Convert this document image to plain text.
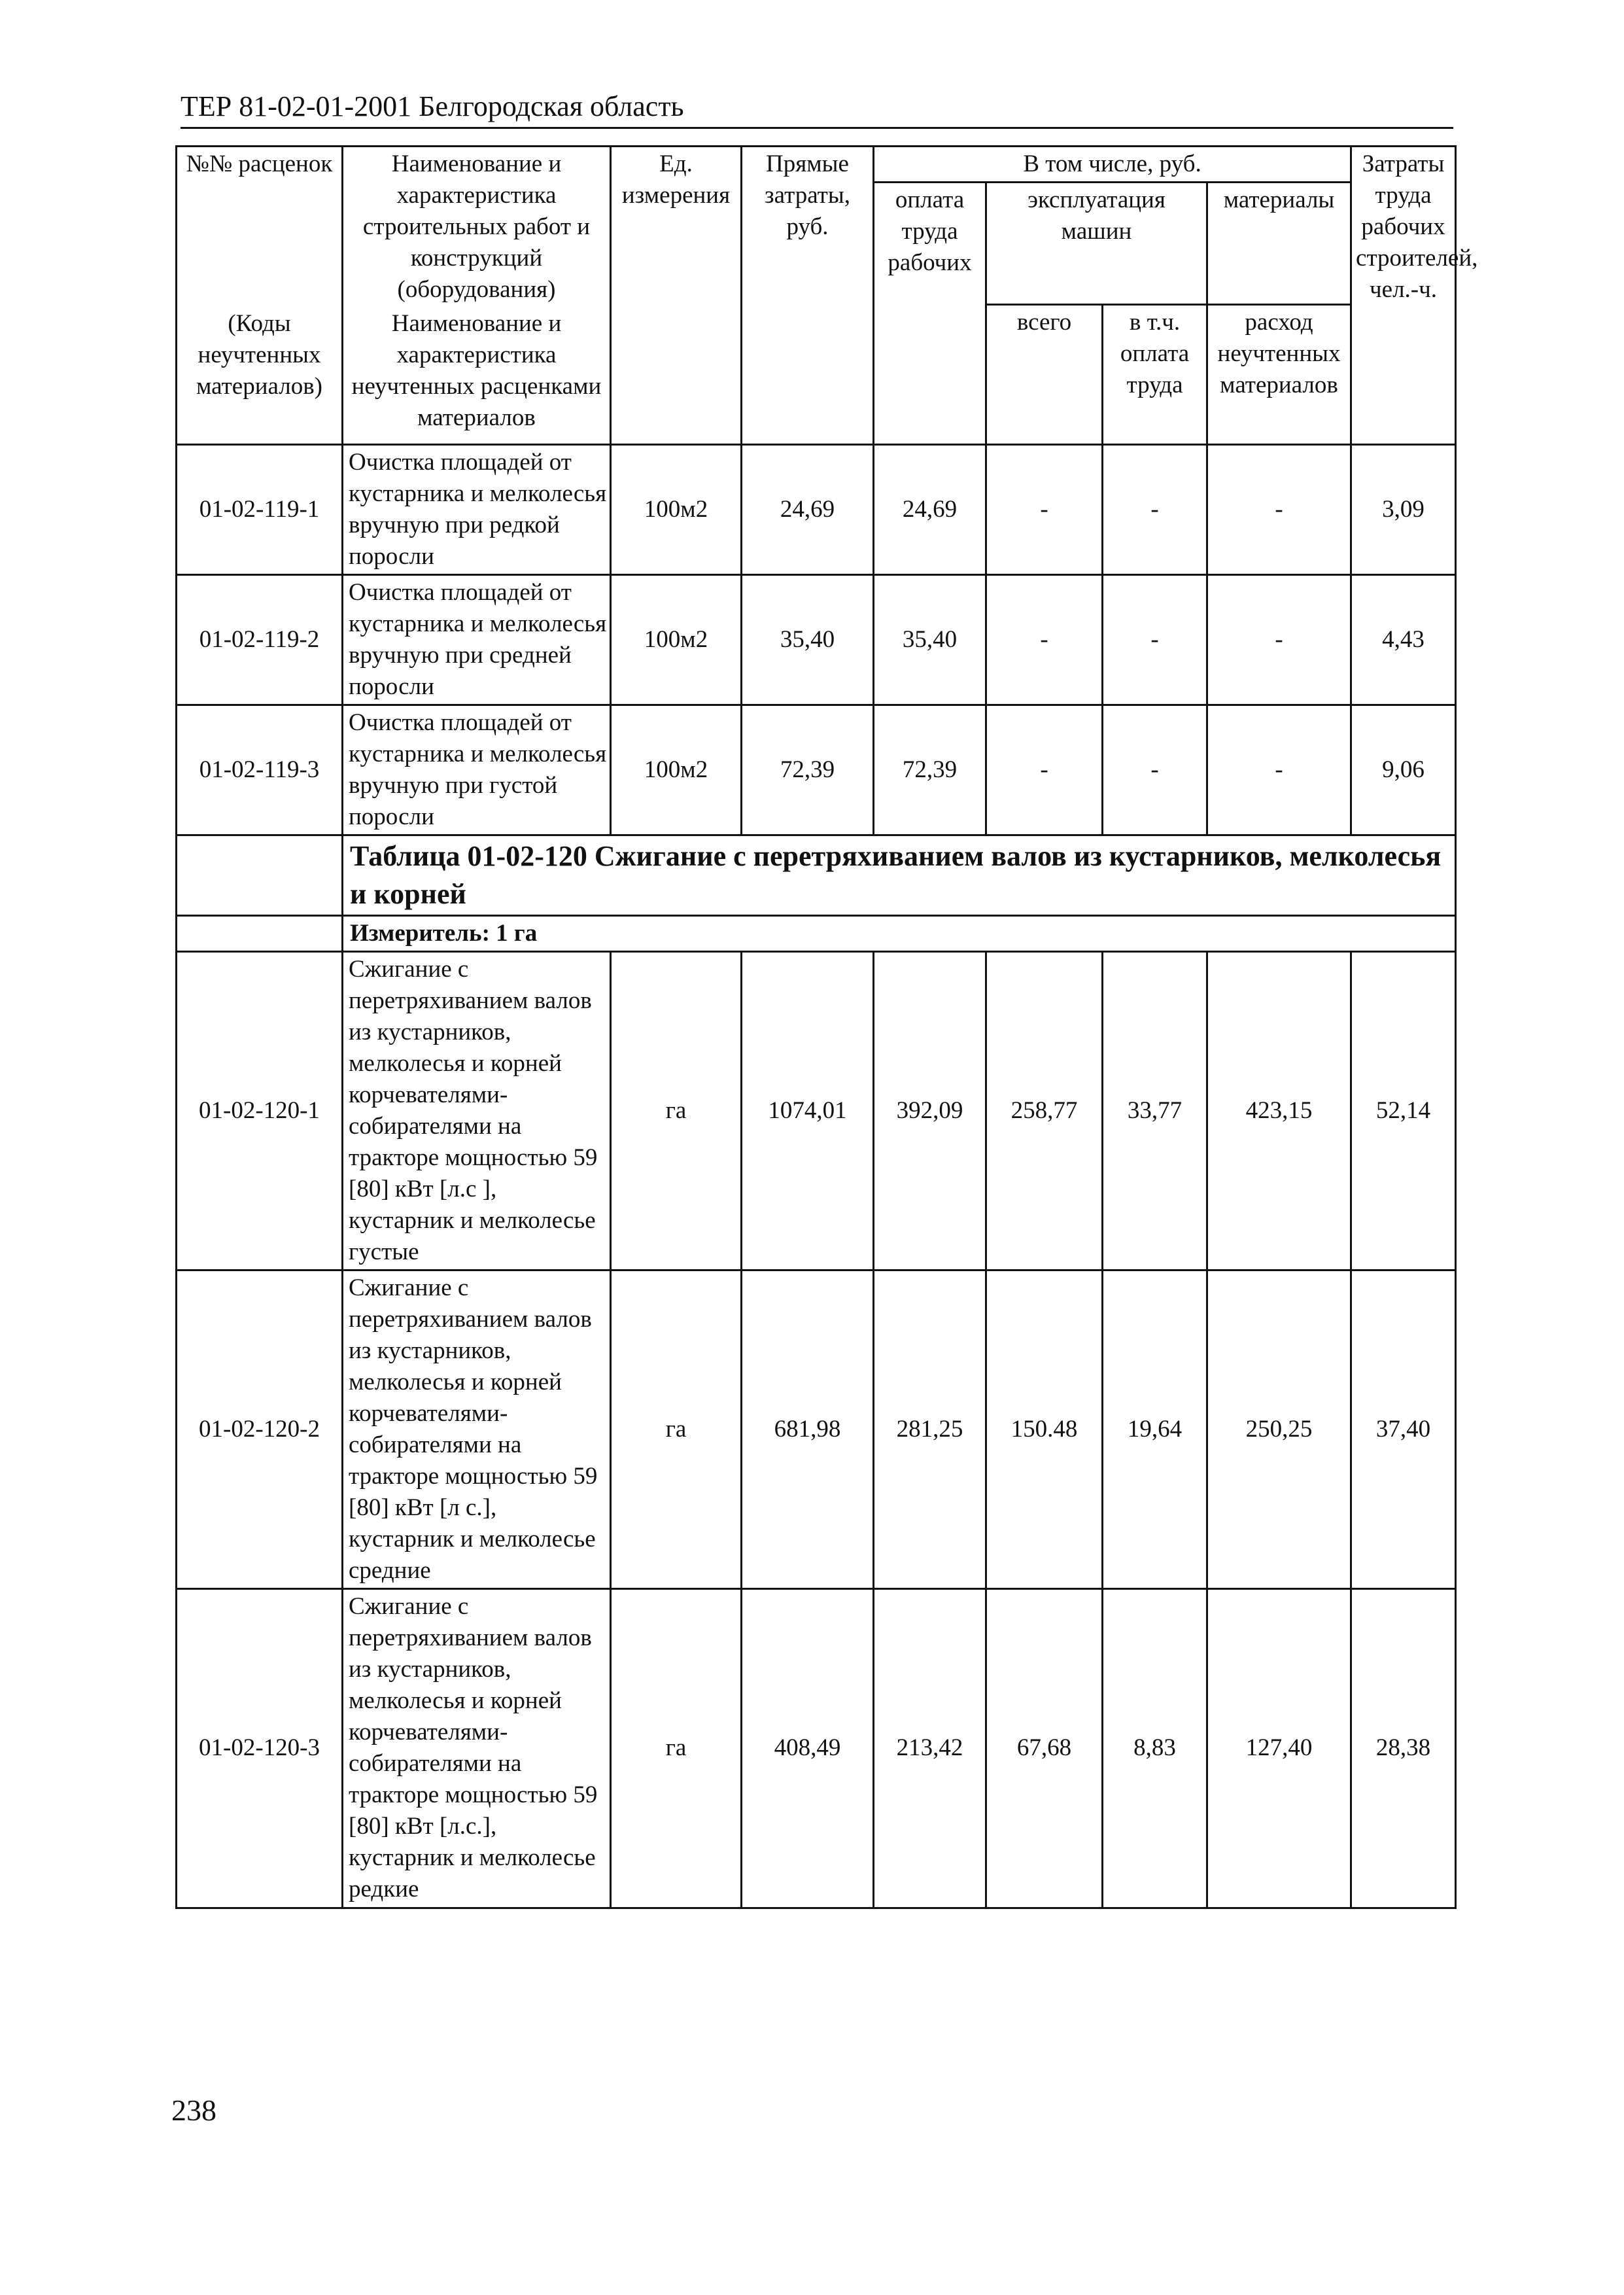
ТЕР 81-02-01-2001 Белгородская область
№№ расценок	Наименование и характеристика строительных работ и конструкций (оборудования)	Ед. измерения	Прямые затраты, руб.	В том числе, руб.				Затраты труда рабочих строителей, чел.-ч.
				оплата труда рабочих	эксплуатация машин		материалы	
					всего	в т.ч. оплата труда	расход неучтенных материалов	
(Коды неучтенных материалов)	Наименование и характеристика неучтенных расценками материалов							
01-02-119-1	Очистка площадей от кустарника и мелколесья вручную при редкой поросли	100м2	24,69	24,69	-	-	-	3,09
01-02-119-2	Очистка площадей от кустарника и мелколесья вручную при средней поросли	100м2	35,40	35,40	-	-	-	4,43
01-02-119-3	Очистка площадей от кустарника и мелколесья вручную при густой поросли	100м2	72,39	72,39	-	-	-	9,06
	Таблица 01-02-120 Сжигание с перетряхиванием валов из кустарников, мелколесья и корней							
	Измеритель: 1 га							
01-02-120-1	Сжигание с перетряхиванием валов из кустарников, мелколесья и корней корчевателями-собирателями на тракторе мощностью 59 [80] кВт [л.с ], кустарник и мелколесье густые	га	1074,01	392,09	258,77	33,77	423,15	52,14
01-02-120-2	Сжигание с перетряхиванием валов из кустарников, мелколесья и корней корчевателями-собирателями на тракторе мощностью 59 [80] кВт [л с.], кустарник и мелколесье средние	га	681,98	281,25	150.48	19,64	250,25	37,40
01-02-120-3	Сжигание с перетряхиванием валов из кустарников, мелколесья и корней корчевателями-собирателями на тракторе мощностью 59 [80] кВт [л.с.], кустарник и мелколесье редкие	га	408,49	213,42	67,68	8,83	127,40	28,38
238
